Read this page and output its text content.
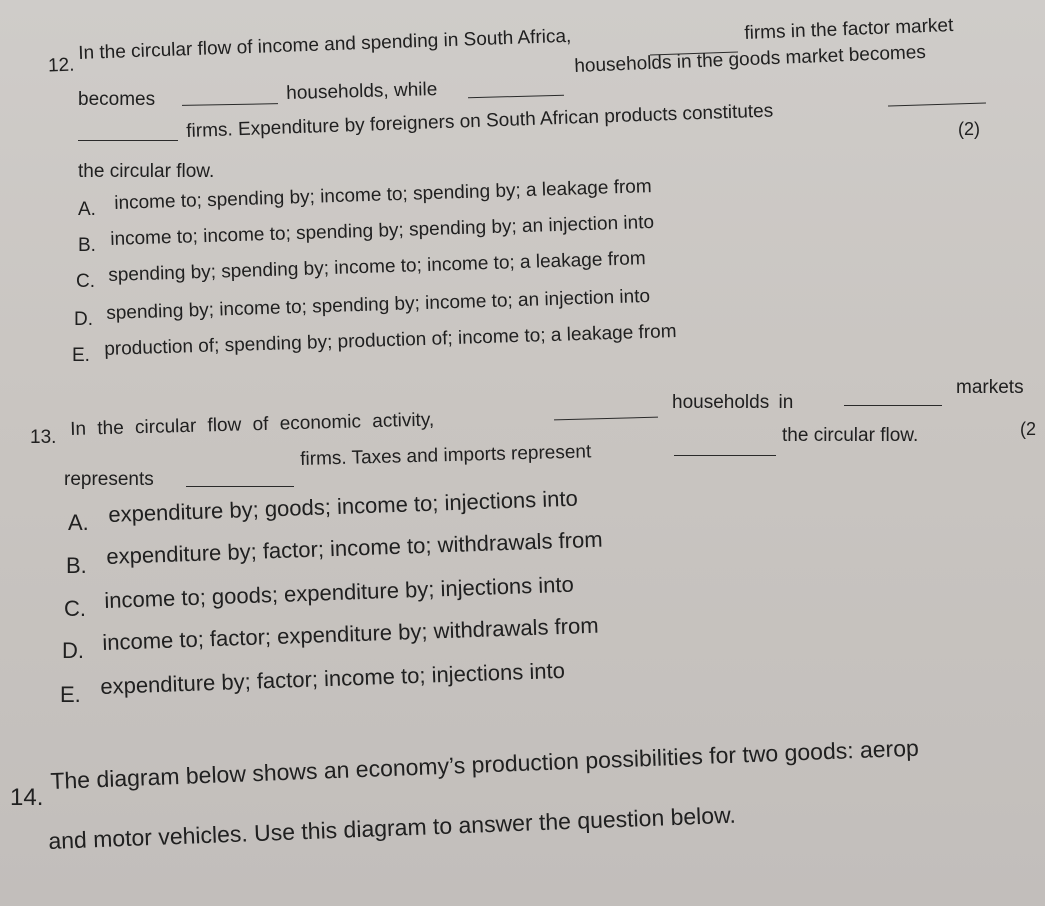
12.
In the circular flow of income and spending in South Africa,	firms in the factor market
becomes	households, while
households in the goods market becomes
firms. Expenditure by foreigners on South African products constitutes	(2)
the circular flow.
A. income to; spending by; income to; spending by; a leakage from
B. income to; income to; spending by; spending by; an injection into
C. spending by; spending by; income to; income to; a leakage from
D. spending by; income to; spending by; income to; an injection into
E. production of; spending by; production of; income to; a leakage from
13. In the circular flow of economic activity,
households in
markets
represents
firms. Taxes and imports represent
the circular flow.	(2
A. expenditure by; goods; income to; injections into
B. expenditure by; factor; income to; withdrawals from
C. income to; goods; expenditure by; injections into
D. income to; factor; expenditure by; withdrawals from
E. expenditure by; factor; income to; injections into
14.
The diagram below shows an economy’s production possibilities for two goods: aerop
and motor vehicles. Use this diagram to answer the question below.
